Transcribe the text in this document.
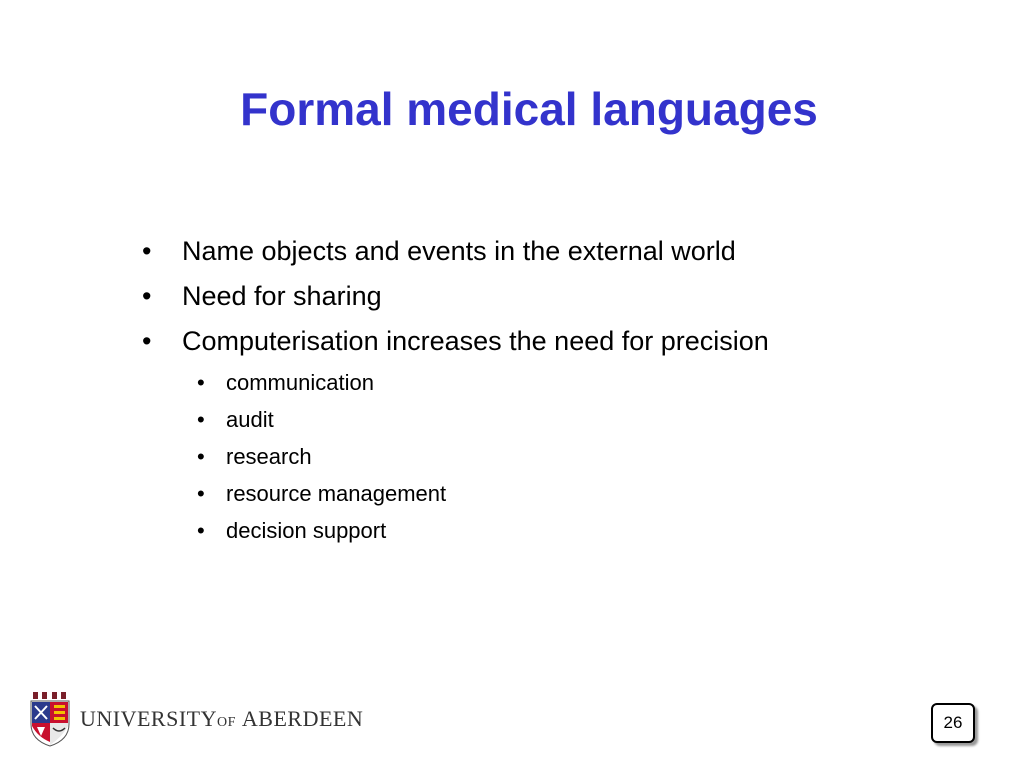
Formal medical languages
• Name objects and events in the external world
• Need for sharing
• Computerisation increases the need for precision
• communication
• audit
• research
• resource management
• decision support
UNIVERSITYOF ABERDEEN	26
